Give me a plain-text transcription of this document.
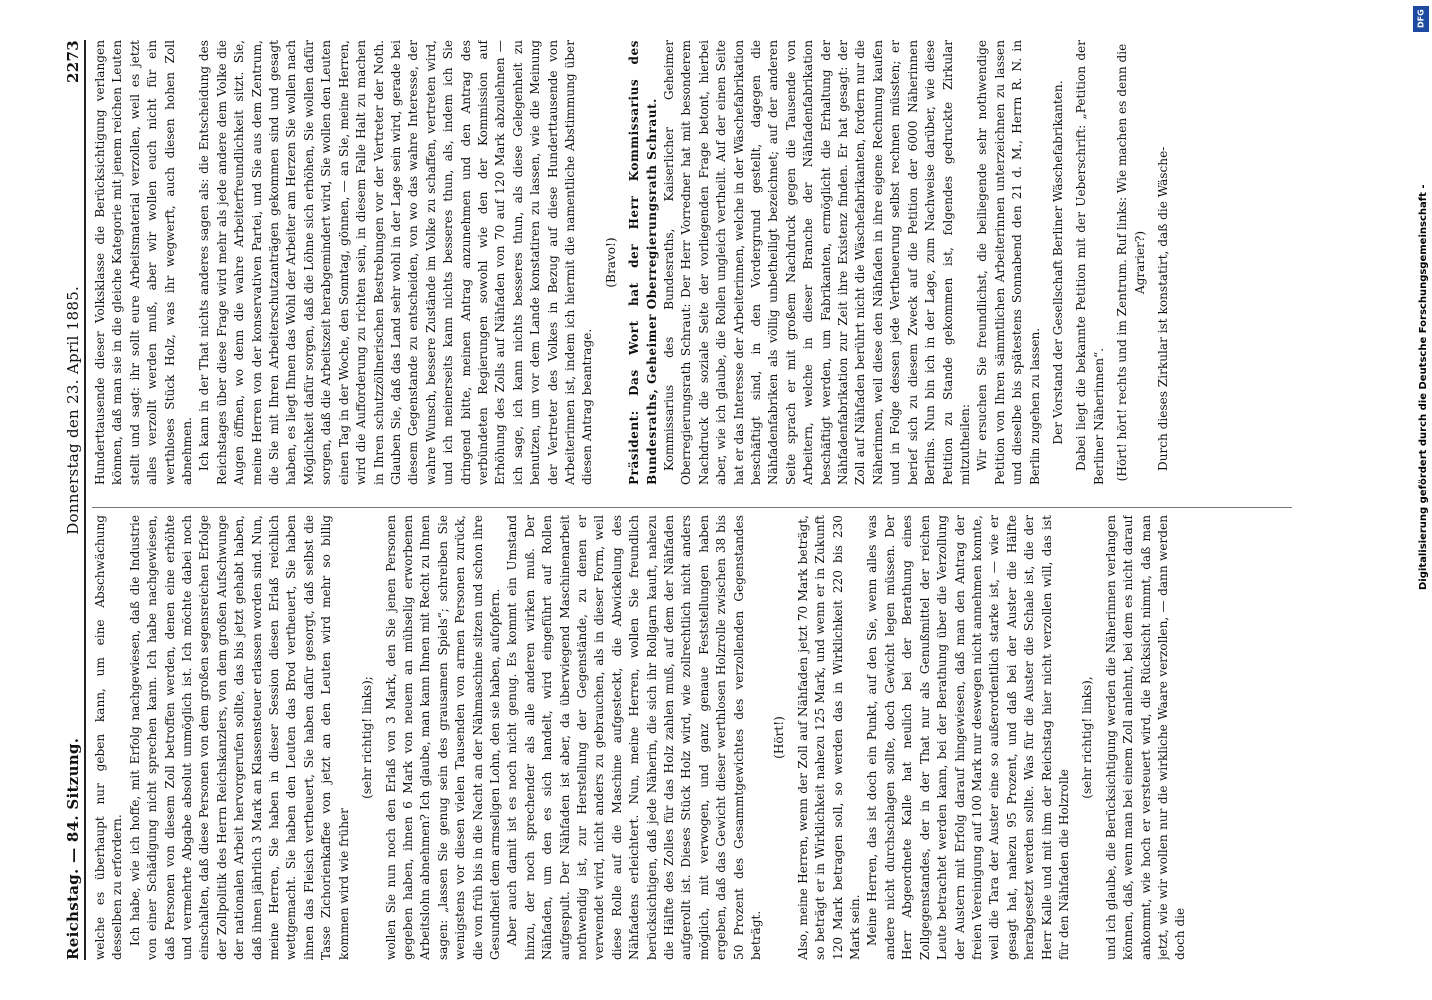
Reichstag. — 84. Sitzung.
Donnerstag den 23. April 1885.
2273

welche es überhaupt nur geben kann, um eine Abschwächung desselben zu erfordern. Ich habe, wie ich hoffe, mit Erfolg nachgewiesen, daß die Industrie von einer Schädigung nicht sprechen kann. Ich habe nachgewiesen, daß Personen von diesem Zoll betroffen werden, denen eine erhöhte und vermehrte Abgabe absolut unmöglich ist. Ich möchte dabei noch einschalten, daß diese Personen von dem großen segensreichen Erfolge der Zollpolitik des Herrn Reichskanzlers, von dem großen Aufschwunge der nationalen Arbeit hervorgerufen sollte, das bis jetzt gehabt haben, daß ihnen jährlich 3 Mark an Klassensteuer erlassen worden sind. Nun, meine Herren, Sie haben in dieser Session diesen Erlaß reichlich wettgemacht. Sie haben den Leuten das Brod vertheuert, Sie haben ihnen das Fleisch vertheuert, Sie haben dafür gesorgt, daß selbst die Tasse Zichorienkaffee von jetzt an den Leuten wird mehr so billig kommen wird wie früher

(sehr richtig! links); wollen Sie nun noch den Erlaß von 3 Mark, den Sie jenen Personen gegeben haben, ihnen 6 Mark von neuem an mühselig erworbenen Arbeitslohn abnehmen? Ich glaube, man kann Ihnen mit Recht zu Ihnen sagen: „lassen Sie genug sein des grausamen Spiels“; schreiben Sie wenigstens vor diesen vielen Tausenden von armen Personen zurück, die von früh bis in die Nacht an der Nähmaschine sitzen und schon ihre Gesundheit dem armseligen Lohn, den sie haben, aufopfern. Aber auch damit ist es noch nicht genug. Es kommt ein Umstand hinzu, der noch sprechender als alle anderen wirken muß. Der Nähfaden, um den es sich handelt, wird eingeführt auf Rollen aufgespult. Der Nähfaden ist aber, da überwiegend Maschinenarbeit nothwendig ist, zur Herstellung der Gegenstände, zu denen er verwendet wird, nicht anders zu gebrauchen, als in dieser Form, weil diese Rolle auf die Maschine aufgesteckt, die Abwickelung des Nähfadens erleichtert. Nun, meine Herren, wollen Sie freundlich berücksichtigen, daß jede Näherin, die sich ihr Rollgarn kauft, nahezu die Hälfte des Zolles für das Holz zahlen muß, auf dem der Nähfaden aufgerollt ist. Dieses Stück Holz wird, wie zollrechtlich nicht anders möglich, mit verwogen, und ganz genaue Feststellungen haben ergeben, daß das Gewicht dieser werthlosen Holzrolle zwischen 38 bis 50 Prozent des Gesammtgewichtes des verzollenden Gegenstandes beträgt.

(Hört!) Also, meine Herren, wenn der Zoll auf Nähfaden jetzt 70 Mark beträgt, so beträgt er in Wirklichkeit nahezu 125 Mark, und wenn er in Zukunft 120 Mark betragen soll, so werden das in Wirklichkeit 220 bis 230 Mark sein. Meine Herren, das ist doch ein Punkt, auf den Sie, wenn alles was andere nicht durchschlagen sollte, doch Gewicht legen müssen. Der Herr Abgeordnete Kalle hat neulich bei der Berathung eines Zollgegenstandes, der in der That nur als Genußmittel der reichen Leute betrachtet werden kann, bei der Berathung über die Verzollung der Austern mit Erfolg darauf hingewiesen, daß man den Antrag der freien Vereinigung auf 100 Mark nur deswegen nicht annehmen konnte, weil die Tara der Auster eine so außerordentlich starke ist, — wie er gesagt hat, nahezu 95 Prozent, und daß bei der Auster die Hälfte herabgesetzt werden sollte. Was für die Auster die Schale ist, die der Herr Kalle und mit ihm der Reichstag hier nicht verzollen will, das ist für den Nähfaden die Holzrolle

(sehr richtig! links), und ich glaube, die Berücksichtigung werden die Näherinnen verlangen können, daß, wenn man bei einem Zoll anlehnt, bei dem es nicht darauf ankommt, wie hoch er versteuert wird, die Rücksicht nimmt, daß man jetzt, wie wir wollen nur die wirkliche Waare verzollen, — dann werden doch die

Hunderttausende dieser Volksklasse die Berücksichtigung verlangen können, daß man sie in die gleiche Kategorie mit jenem reichen Leuten stellt und sagt: ihr sollt eure Arbeitsmaterial verzollen, weil es jetzt alles verzollt werden muß, aber wir wollen euch nicht für ein werthloses Stück Holz, was ihr wegwerft, auch diesen hohen Zoll abnehmen. Ich kann in der That nichts anderes sagen als: die Entscheidung des Reichstages über diese Frage wird mehr als jede andere dem Volke die Augen öffnen, wo denn die wahre Arbeiterfreundlichkeit sitzt. Sie, meine Herren von der konservativen Partei, und Sie aus dem Zentrum, die Sie mit Ihren Arbeiterschutzanträgen gekommen sind und gesagt haben, es liegt Ihnen das Wohl der Arbeiter am Herzen Sie wollen nach Möglichkeit dafür sorgen, daß die Löhne sich erhöhen, Sie wollen dafür sorgen, daß die Arbeitszeit herabgemindert wird, Sie wollen den Leuten einen Tag in der Woche, den Sonntag, gönnen, — an Sie, meine Herren, wird die Aufforderung zu richten sein, in diesem Falle Halt zu machen in Ihren schutzzöllnerischen Bestrebungen vor der Vertreter der Noth. Glauben Sie, daß das Land sehr wohl in der Lage sein wird, gerade bei diesem Gegenstande zu entscheiden, von wo das wahre Interesse, der wahre Wunsch, bessere Zustände im Volke zu schaffen, vertreten wird, und ich meinerseits kann nichts besseres thun, als, indem ich Sie dringend bitte, meinen Antrag anzunehmen und den Antrag des verbündeten Regierungen sowohl wie den der Kommission auf Erhöhung des Zolls auf Nähfaden von 70 auf 120 Mark abzulehnen — ich sage, ich kann nichts besseres thun, als diese Gelegenheit zu benutzen, um vor dem Lande konstatiren zu lassen, wie die Meinung der Vertreter des Volkes in Bezug auf diese Hunderttausende von Arbeiterinnen ist, indem ich hiermit die namentliche Abstimmung über diesen Antrag beantrage.

(Bravo!) Präsident: Das Wort hat der Herr Kommissarius des Bundesraths, Geheimer Oberregierungsrath Schraut. Kommissarius des Bundesraths, Kaiserlicher Geheimer Oberregierungsrath Schraut: Der Herr Vorredner hat mit besonderem Nachdruck die soziale Seite der vorliegenden Frage betont, hierbei aber, wie ich glaube, die Rollen ungleich vertheilt. Auf der einen Seite hat er das Interesse der Arbeiterinnen, welche in der Wäschefabrikation beschäftigt sind, in den Vordergrund gestellt, dagegen die Nähfadenfabriken als völlig unbetheiligt bezeichnet; auf der anderen Seite sprach er mit großem Nachdruck gegen die Tausende von Arbeitern, welche in dieser Branche der Nähfadenfabrikation beschäftigt werden, um Fabrikanten, ermöglicht die Erhaltung der Nähfadenfabrikation zur Zeit ihre Existenz finden. Er hat gesagt: der Zoll auf Nähfaden berührt nicht die Wäschefabrikanten, fordern nur die Näherinnen, weil diese den Nähfaden in ihre eigene Rechnung kaufen und in Folge dessen jede Vertheuerung selbst rechnen müssten; er berief sich zu diesem Zweck auf die Petition der 6000 Näherinnen Berlins. Nun bin ich in der Lage, zum Nachweise darüber, wie diese Petition zu Stande gekommen ist, folgendes gedruckte Zirkular mitzutheilen: Wir ersuchen Sie freundlichst, die beiliegende sehr nothwendige Petition von Ihren sämmtlichen Arbeiterinnen unterzeichnen zu lassen und dieselbe bis spätestens Sonnabend den 21 d. M., Herrn R. N. in Berlin zugehen zu lassen. Der Vorstand der Gesellschaft Berliner Wäschefabrikanten. Dabei liegt die bekannte Petition mit der Ueberschrift: „Petition der Berliner Näherinnen“. (Hört! hört! rechts und im Zentrum. Ruf links: Wie machen es denn die Agrarier?) Durch dieses Zirkular ist konstatirt, daß die Wäsche-

DFG
Digitalisierung gefördert durch die Deutsche Forschungsgemeinschaft -
